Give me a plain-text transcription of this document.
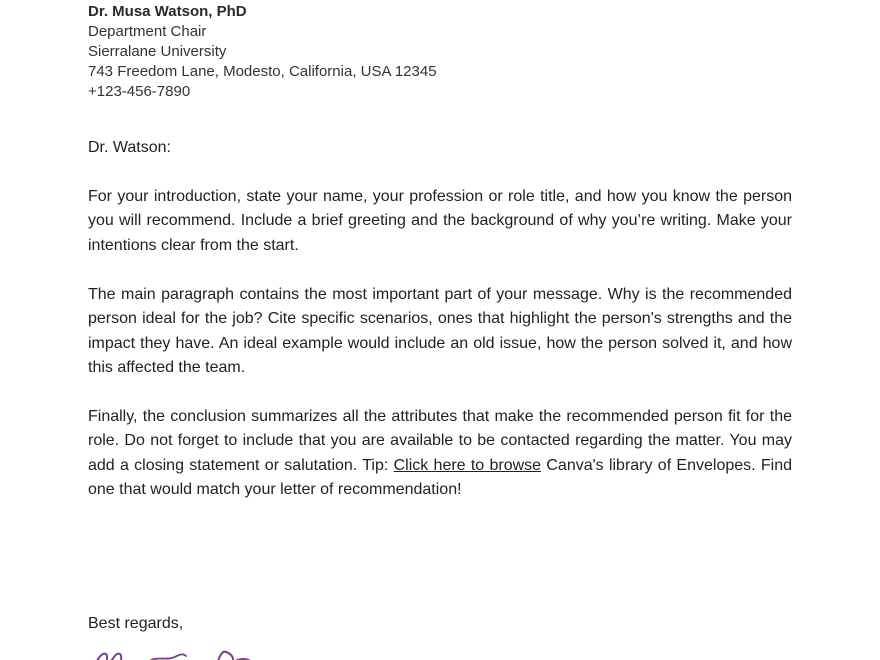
Dr. Musa Watson, PhD
Department Chair
Sierralane University
743 Freedom Lane, Modesto, California, USA 12345
+123-456-7890
Dr. Watson:

For your introduction, state your name, your profession or role title, and how you know the person you will recommend. Include a brief greeting and the background of why you’re writing. Make your intentions clear from the start.

The main paragraph contains the most important part of your message. Why is the recommended person ideal for the job? Cite specific scenarios, ones that highlight the person's strengths and the impact they have. An ideal example would include an old issue, how the person solved it, and how this affected the team.

Finally, the conclusion summarizes all the attributes that make the recommended person fit for the role. Do not forget to include that you are available to be contacted regarding the matter. You may add a closing statement or salutation. Tip: Click here to browse Canva's library of Envelopes. Find one that would match your letter of recommendation!

Best regards,
